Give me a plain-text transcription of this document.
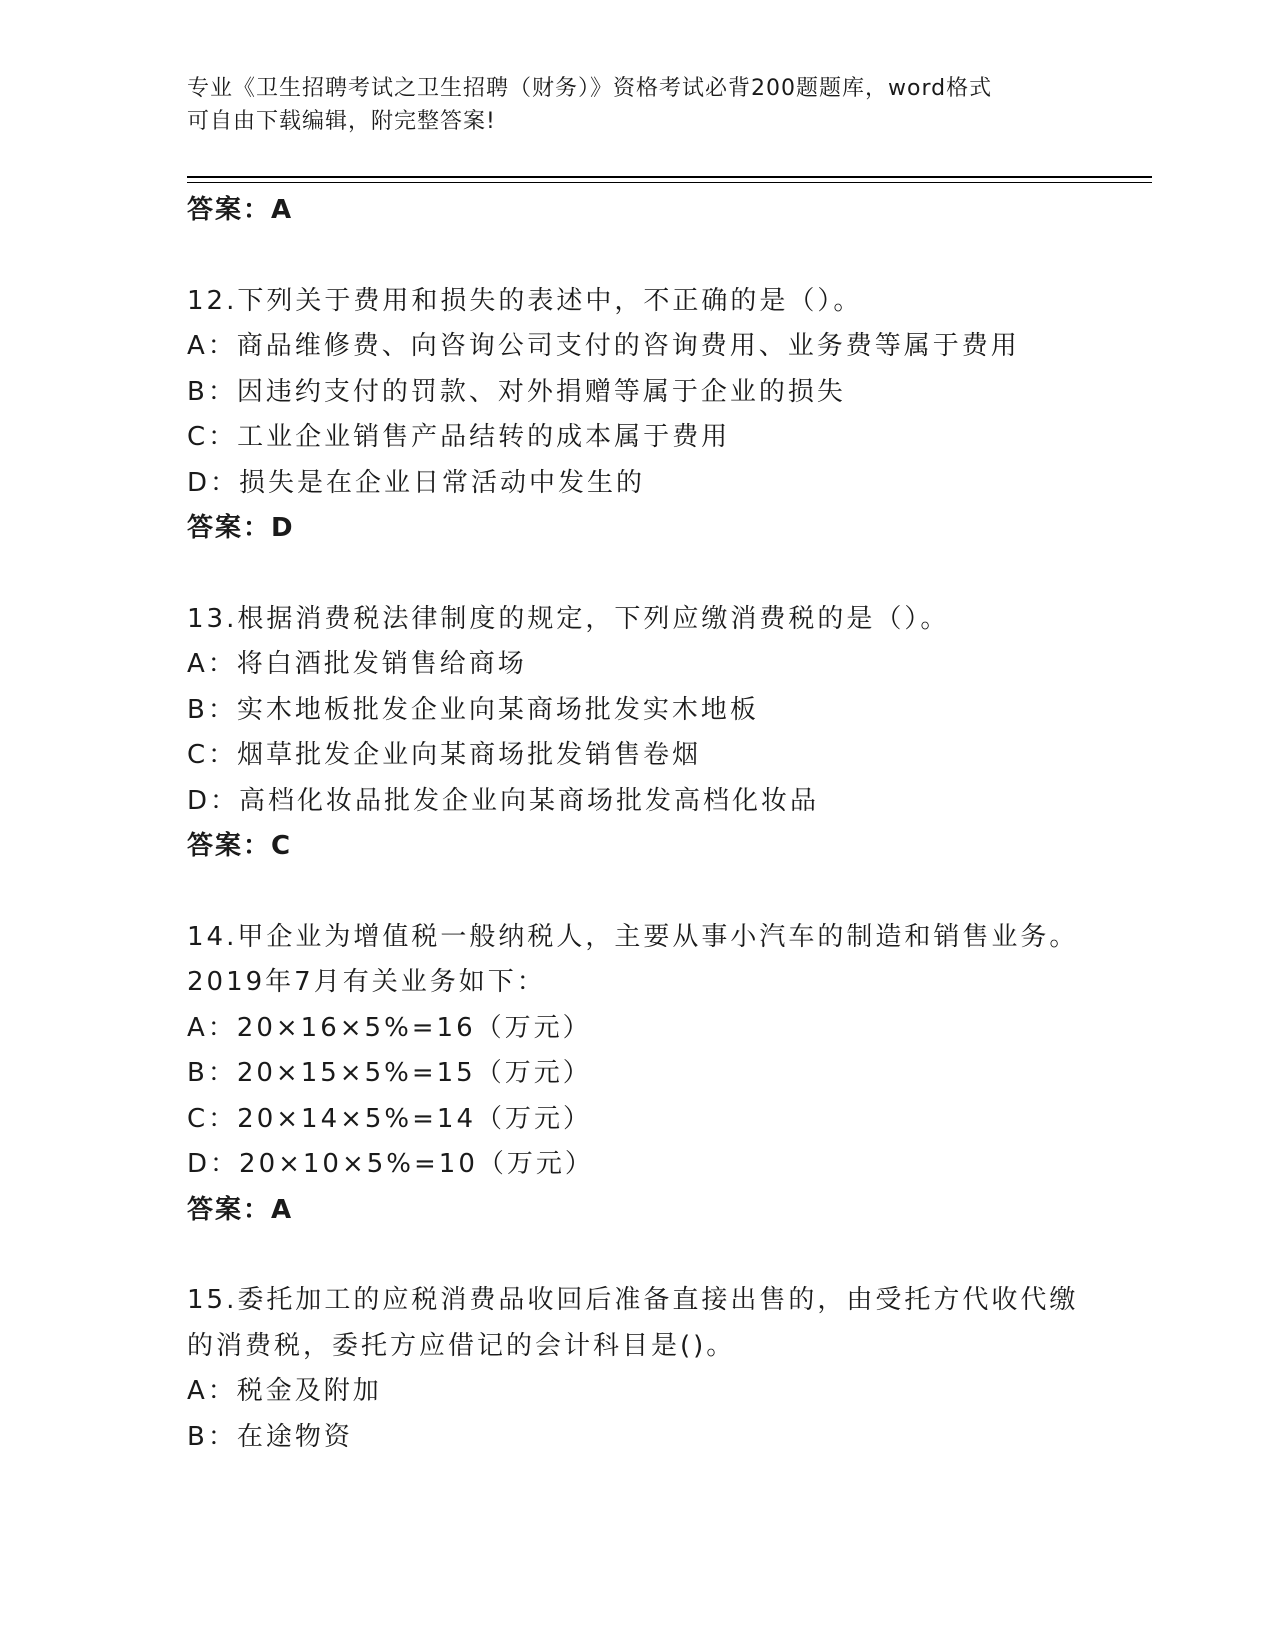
专业《卫生招聘考试之卫生招聘（财务）》资格考试必背200题题库，word格式
可自由下载编辑，附完整答案!
答案：A
12.下列关于费用和损失的表述中，不正确的是（）。
A：商品维修费、向咨询公司支付的咨询费用、业务费等属于费用
B：因违约支付的罚款、对外捐赠等属于企业的损失
C：工业企业销售产品结转的成本属于费用
D：损失是在企业日常活动中发生的
答案：D
13.根据消费税法律制度的规定，下列应缴消费税的是（）。
A：将白酒批发销售给商场
B：实木地板批发企业向某商场批发实木地板
C：烟草批发企业向某商场批发销售卷烟
D：高档化妆品批发企业向某商场批发高档化妆品
答案：C
14.甲企业为增值税一般纳税人，主要从事小汽车的制造和销售业务。
2019年7月有关业务如下：
A：20×16×5%=16（万元）
B：20×15×5%=15（万元）
C：20×14×5%=14（万元）
D：20×10×5%=10（万元）
答案：A
15.委托加工的应税消费品收回后准备直接出售的，由受托方代收代缴
的消费税，委托方应借记的会计科目是()。
A：税金及附加
B：在途物资
